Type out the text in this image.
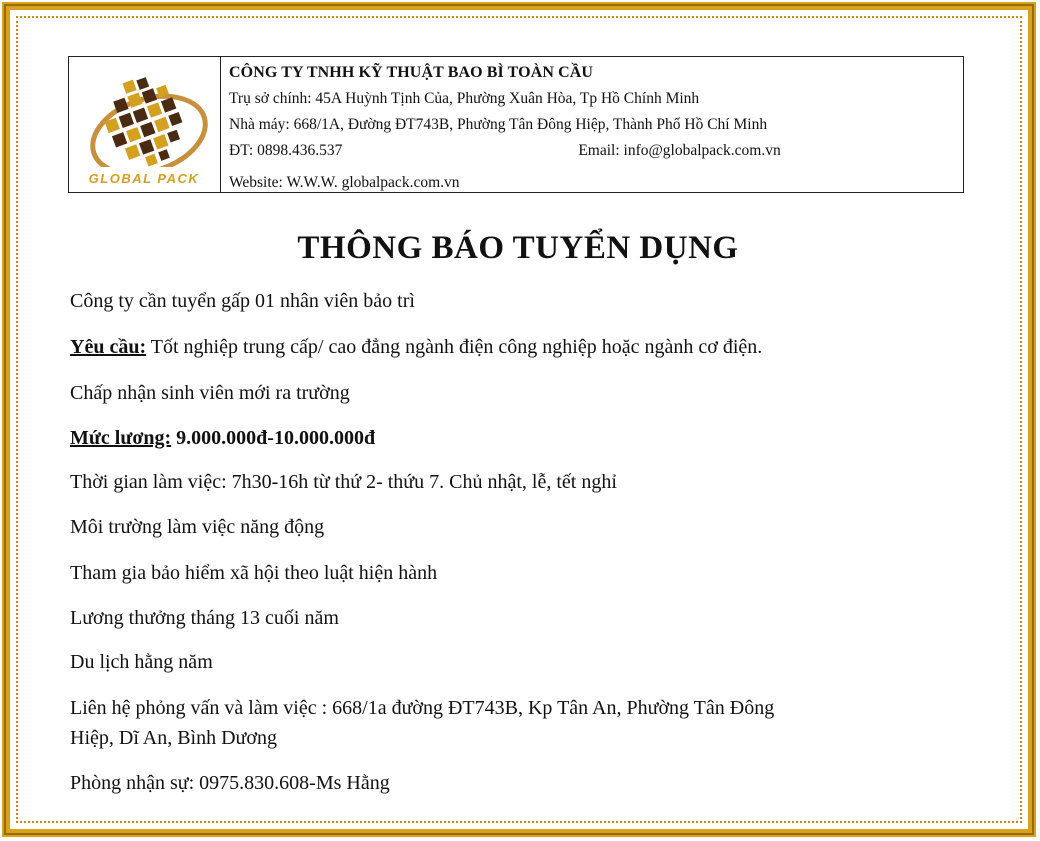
GLOBAL PACK
CÔNG TY TNHH KỸ THUẬT BAO BÌ TOÀN CẦU
Trụ sở chính: 45A Huỳnh Tịnh Của, Phường Xuân Hòa, Tp Hồ Chính Minh
Nhà máy: 668/1A, Đường ĐT743B, Phường Tân Đông Hiệp, Thành Phố Hồ Chí Minh
ĐT: 0898.436.537	Email: info@globalpack.com.vn
Website: W.W.W. globalpack.com.vn
THÔNG BÁO TUYỂN DỤNG
Công ty cần tuyển gấp 01 nhân viên bảo trì
Yêu cầu: Tốt nghiệp trung cấp/ cao đẳng ngành điện công nghiệp hoặc ngành cơ điện.
Chấp nhận sinh viên mới ra trường
Mức lương: 9.000.000đ-10.000.000đ
Thời gian làm việc: 7h30-16h từ thứ 2- thứu 7. Chủ nhật, lễ, tết nghỉ
Môi trường làm việc năng động
Tham gia bảo hiểm xã hội theo luật hiện hành
Lương thưởng tháng 13 cuối năm
Du lịch hằng năm
Liên hệ phỏng vấn và làm việc : 668/1a đường ĐT743B, Kp Tân An, Phường Tân Đông
Hiệp, Dĩ An, Bình Dương
Phòng nhận sự: 0975.830.608-Ms Hằng
